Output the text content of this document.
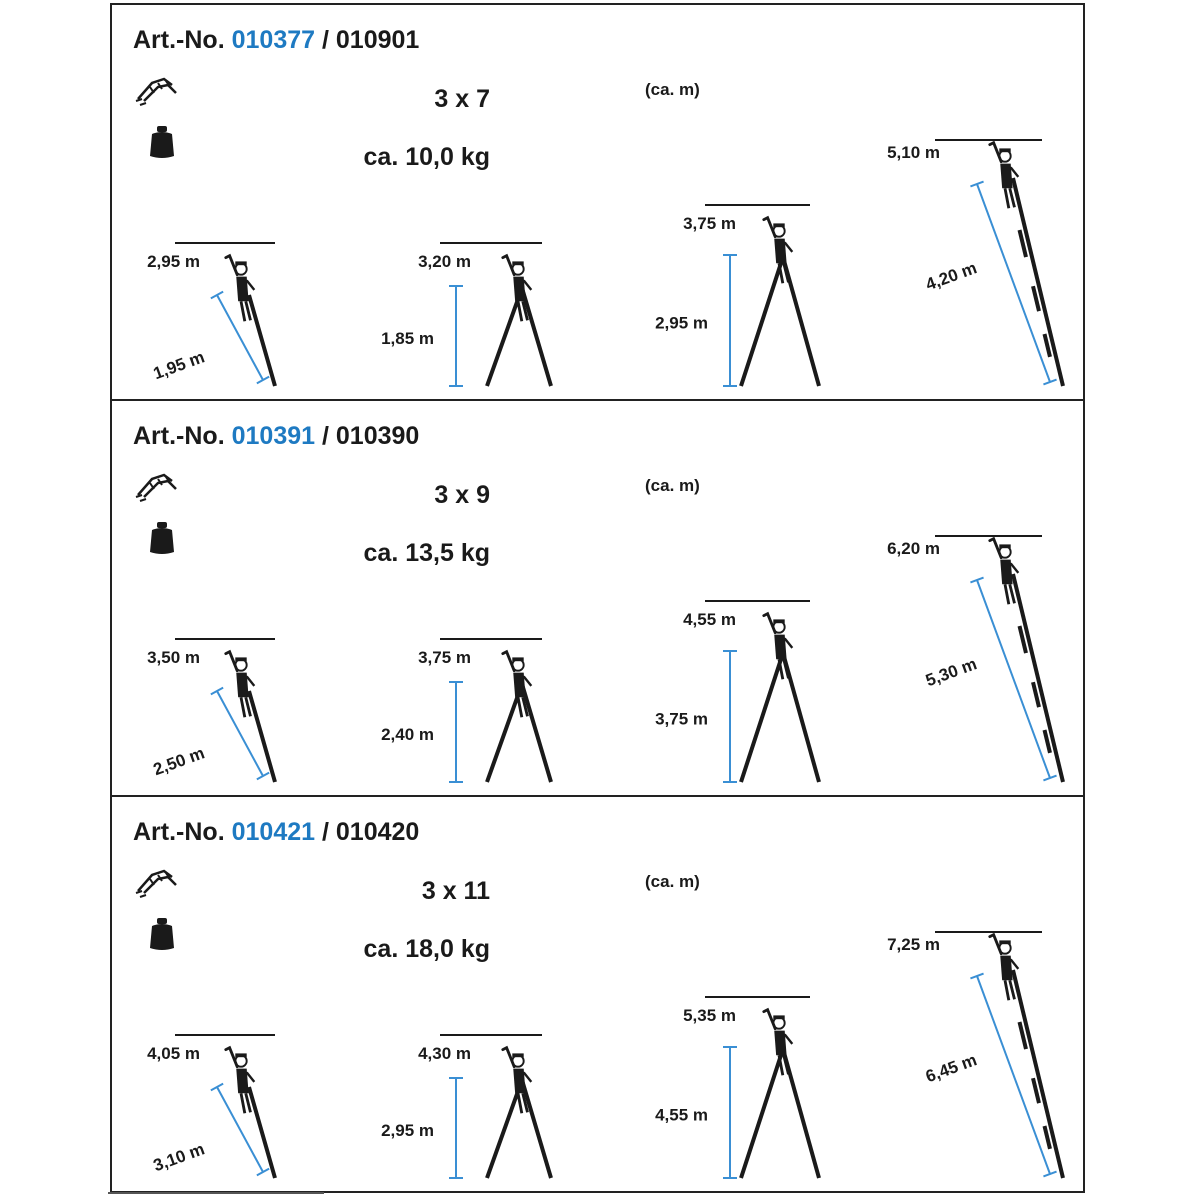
Art.-No. 010377 / 010901
3 x 7
ca. 10,0 kg
(ca. m)
2,95 m
1,95 m
3,20 m
1,85 m
3,75 m
2,95 m
5,10 m
4,20 m
Art.-No. 010391 / 010390
3 x 9
ca. 13,5 kg
(ca. m)
3,50 m
2,50 m
3,75 m
2,40 m
4,55 m
3,75 m
6,20 m
5,30 m
Art.-No. 010421 / 010420
3 x 11
ca. 18,0 kg
(ca. m)
4,05 m
3,10 m
4,30 m
2,95 m
5,35 m
4,55 m
7,25 m
6,45 m
